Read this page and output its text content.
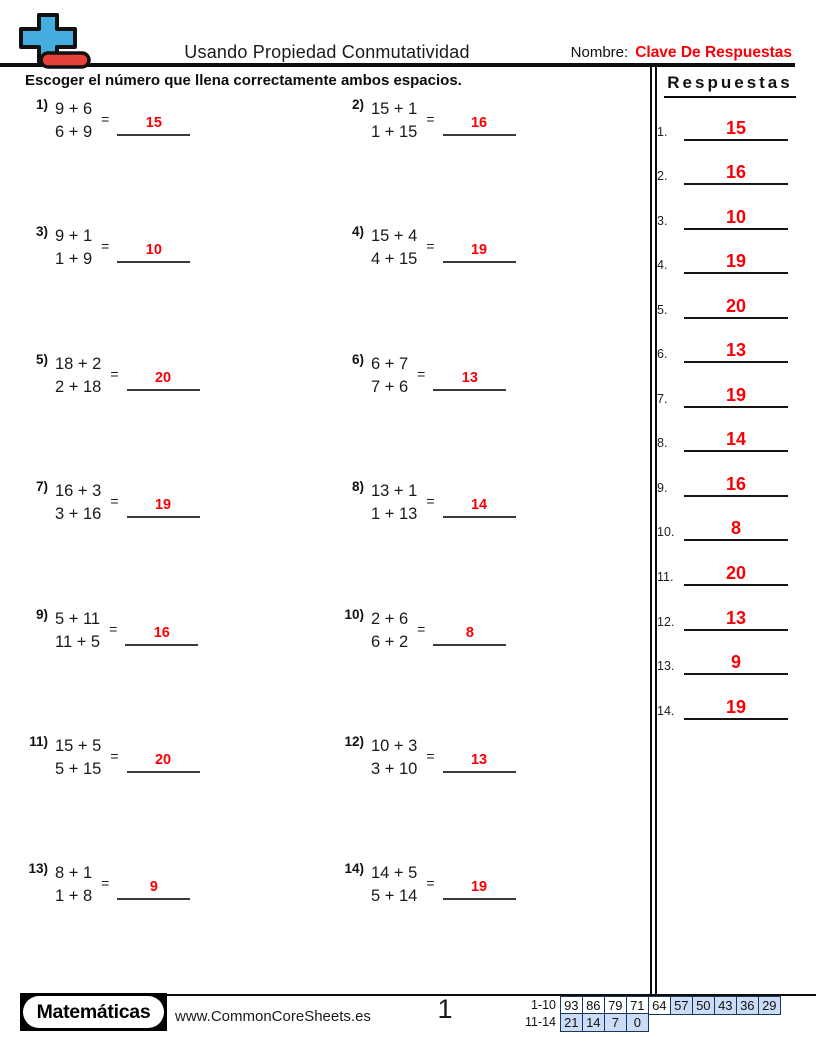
Usando Propiedad Conmutatividad	Nombre: Clave De Respuestas
Escoger el número que llena correctamente ambos espacios.	Respuestas
1.	15
2.	16
3.	10
4.	19
5.	20
6.	13
7.	19
8.	14
9.	16
10.	8
11.	20
12.	13
13.	9
14.	19
1) 9 + 6
6 + 9
=	15
2) 15 + 1
1 + 15
=	16
3) 9 + 1
1 + 9
=	10
4) 15 + 4
4 + 15
=	19
5) 18 + 2
2 + 18
=	20
6) 6 + 7
7 + 6
=	13
7) 16 + 3
3 + 16
=	19
8) 13 + 1
1 + 13
=	14
9) 5 + 11
11 + 5
=	16
10) 2 + 6
6 + 2
=	8
11) 15 + 5
5 + 15
=	20
12) 10 + 3
3 + 10
=	13
13) 8 + 1
1 + 8
=	9
14) 14 + 5
5 + 14
=	19
Matemáticas	www.CommonCoreSheets.es	1	1-10 93 86 79 71 64 57 50 43 36 29
11-14 21 14 7	0
